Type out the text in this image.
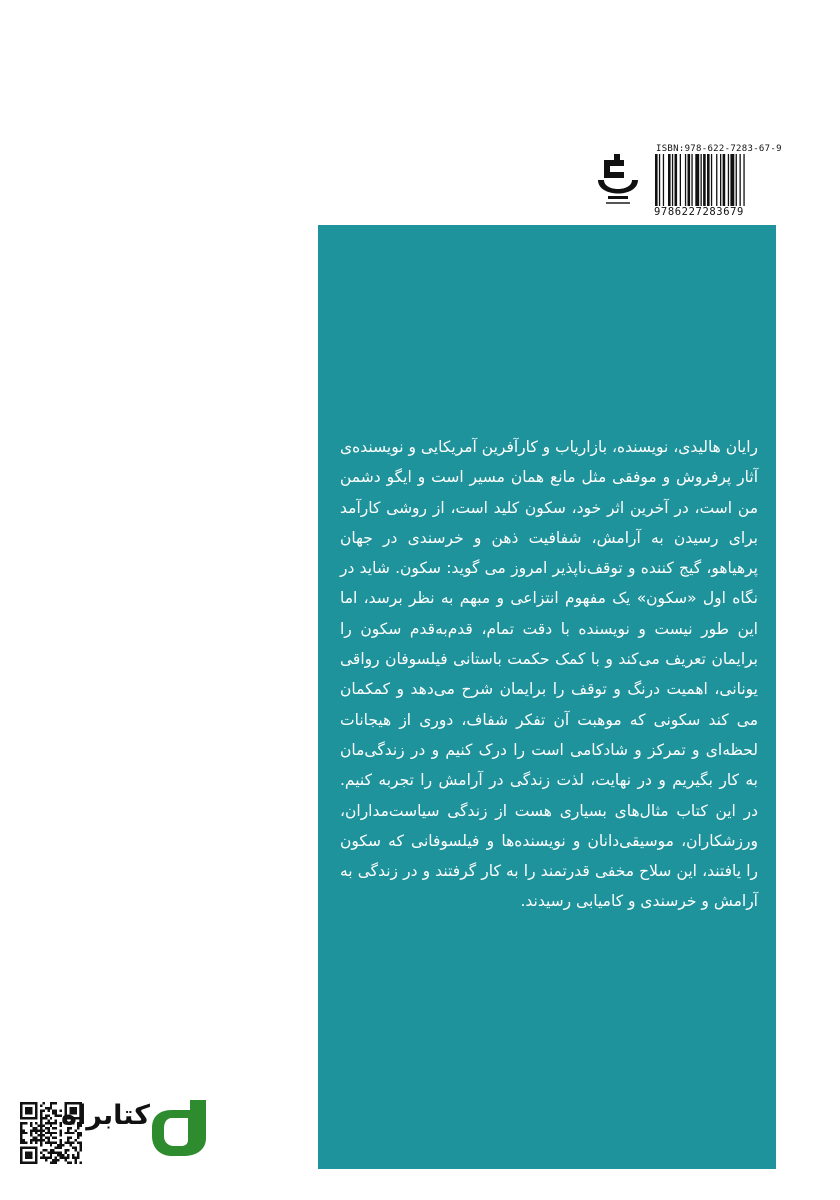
ISBN:978-622-7283-67-9
9786227283679
رایان هالیدی، نویسنده، بازاریاب و کارآفرین آمریکایی و نویسنده‌ی آثار پرفروش و موفقی مثل مانع همان مسیر است و ایگو دشمن من است، در آخرین اثر خود، سکون کلید است، از روشی کارآمد برای رسیدن به آرامش، شفافیت ذهن و خرسندی در جهان پرهیاهو، گیج کننده و توقف‌ناپذیر امروز می گوید: سکون. شاید در نگاه اول «سکون» یک مفهوم انتزاعی و مبهم به نظر برسد، اما این طور نیست و نویسنده با دقت تمام، قدم‌به‌قدم سکون را برایمان تعریف می‌کند و با کمک حکمت باستانی فیلسوفان رواقی یونانی، اهمیت درنگ و توقف را برایمان شرح می‌دهد و کمکمان می کند سکونی که موهبت آن تفکر شفاف، دوری از هیجانات لحظه‌ای و تمرکز و شادکامی است را درک کنیم و در زندگی‌مان به کار بگیریم و در نهایت، لذت زندگی در آرامش را تجربه کنیم. در این کتاب مثال‌های بسیاری هست از زندگی سیاست‌مداران، ورزشکاران، موسیقی‌دانان و نویسنده‌ها و فیلسوفانی که سکون را یافتند، این سلاح مخفی قدرتمند را به کار گرفتند و در زندگی به آرامش و خرسندی و کامیابی رسیدند.
کتابراه
